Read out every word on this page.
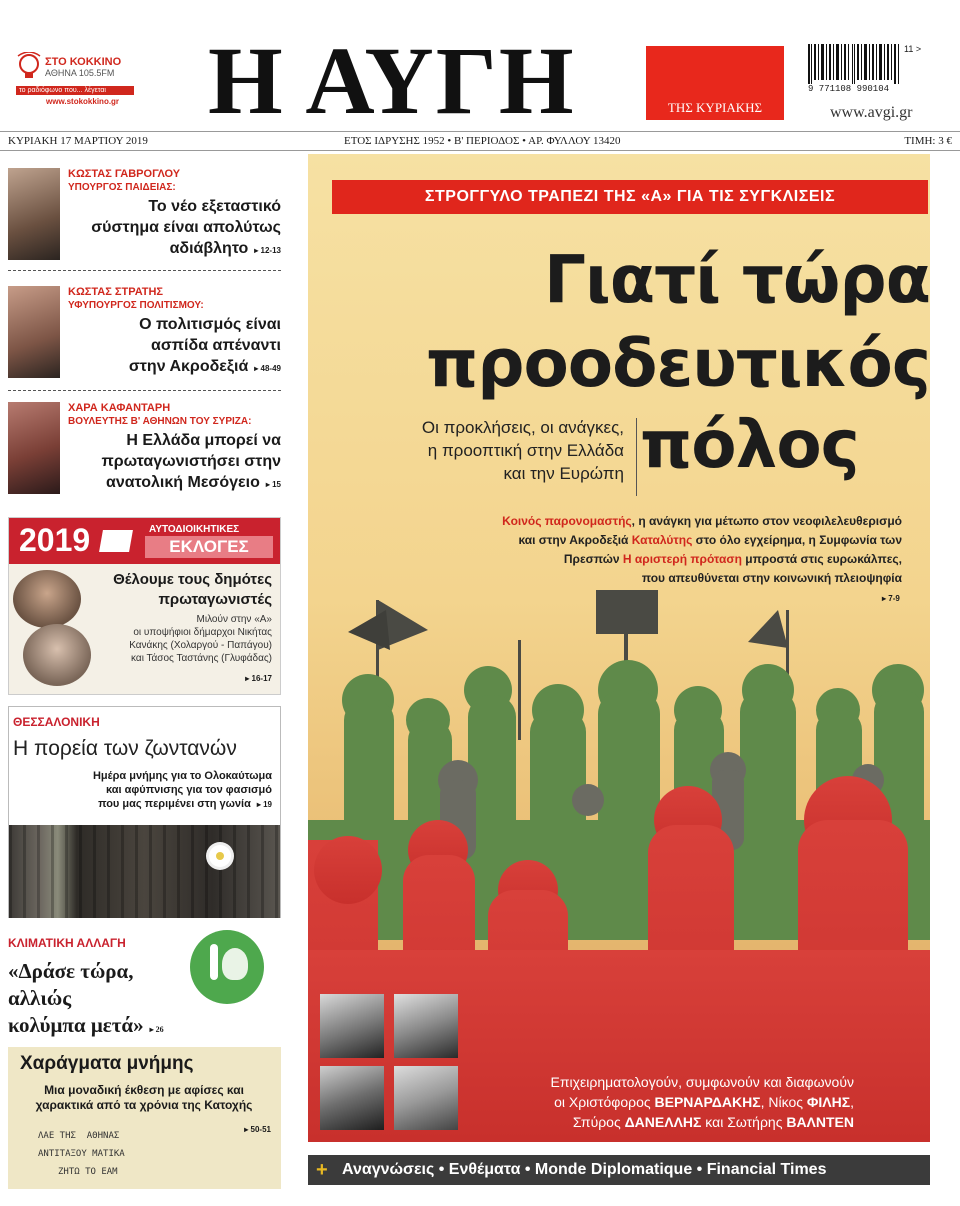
ΣΤΟ ΚΟΚΚΙΝΟ
ΑΘΗΝΑ 105.5FM
το ραδιόφωνο που... λέγεται
www.stokokkino.gr Η ΑΥΓΗ	ΤΗΣ ΚΥΡΙΑΚΗΣ
9 771108 990104
11 >
www.avgi.gr
ΚΥΡΙΑΚΗ 17 ΜΑΡΤΙΟΥ 2019	ΕΤΟΣ ΙΔΡΥΣΗΣ 1952 • Β' ΠΕΡΙΟΔΟΣ • ΑΡ. ΦΥΛΛΟΥ 13420	ΤΙΜΗ: 3 €
ΚΩΣΤΑΣ ΓΑΒΡΟΓΛΟΥ
ΥΠΟΥΡΓΟΣ ΠΑΙΔΕΙΑΣ:
Το νέο εξεταστικό
σύστημα είναι απολύτως
αδιάβλητο ▸ 12-13
ΚΩΣΤΑΣ ΣΤΡΑΤΗΣ
ΥΦΥΠΟΥΡΓΟΣ ΠΟΛΙΤΙΣΜΟΥ:
Ο πολιτισμός είναι
ασπίδα απέναντι
στην Ακροδεξιά ▸ 48-49
ΧΑΡΑ ΚΑΦΑΝΤΑΡΗ
ΒΟΥΛΕΥΤΗΣ Β' ΑΘΗΝΩΝ ΤΟΥ ΣΥΡΙΖΑ:
Η Ελλάδα μπορεί να
πρωταγωνιστήσει στην
ανατολική Μεσόγειο ▸ 15
2019	ΑΥΤΟΔΙΟΙΚΗΤΙΚΕΣ
ΕΚΛΟΓΕΣ
Θέλουμε τους δημότες
πρωταγωνιστές
Μιλούν στην «Α»
οι υποψήφιοι δήμαρχοι Νικήτας
Κανάκης (Χολαργού - Παπάγου)
και Τάσος Ταστάνης (Γλυφάδας)
▸ 16-17
ΘΕΣΣΑΛΟΝΙΚΗ
Η πορεία των ζωντανών
Ημέρα μνήμης για το Ολοκαύτωμα
και αφύπνισης για τον φασισμό
που μας περιμένει στη γωνία ▸ 19
ΚΛΙΜΑΤΙΚΗ ΑΛΛΑΓΗ
«Δράσε τώρα,
αλλιώς
κολύμπα μετά» ▸ 26
Χαράγματα μνήμης
Μια μοναδική έκθεση με αφίσες και
χαρακτικά από τα χρόνια της Κατοχής
▸ 50-51
ΛΑΕ ΤΗΣ  ΑΘΗΝΑΣ
ΑΝΤΙΤΑΞΟΥ ΜΑΤΙΚΑ
ΖΗΤΩ ΤΟ ΕΑΜ
ΣΤΡΟΓΓΥΛΟ ΤΡΑΠΕΖΙ ΤΗΣ «Α» ΓΙΑ ΤΙΣ ΣΥΓΚΛΙΣΕΙΣ
Γιατί τώρα
προοδευτικός
πόλος
Οι προκλήσεις, οι ανάγκες,
η προοπτική στην Ελλάδα
και την Ευρώπη
Κοινός παρονομαστής, η ανάγκη για μέτωπο στον νεοφιλελευθερισμό
και στην Ακροδεξιά Καταλύτης στο όλο εγχείρημα, η Συμφωνία των
Πρεσπών Η αριστερή πρόταση μπροστά στις ευρωκάλπες,
που απευθύνεται στην κοινωνική πλειοψηφία
▸ 7-9
Επιχειρηματολογούν, συμφωνούν και διαφωνούν
οι Χριστόφορος ΒΕΡΝΑΡΔΑΚΗΣ, Νίκος ΦΙΛΗΣ,
Σπύρος ΔΑΝΕΛΛΗΣ και Σωτήρης ΒΑΛΝΤΕΝ
Αναγνώσεις • Ενθέματα • Monde Diplomatique • Financial Times
+
